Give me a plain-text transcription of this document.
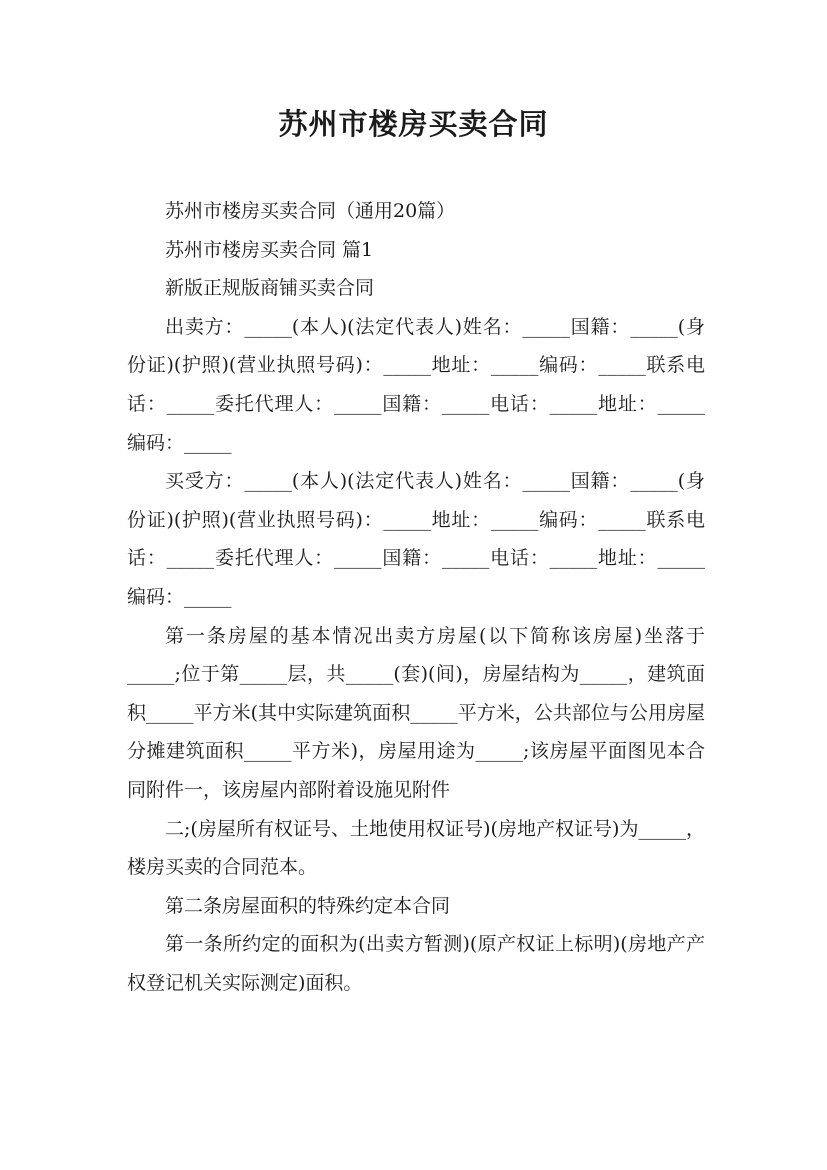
苏州市楼房买卖合同

苏州市楼房买卖合同（通用20篇）

苏州市楼房买卖合同 篇1

新版正规版商铺买卖合同

出卖方：_____(本人)(法定代表人)姓名：_____国籍：_____(身份证)(护照)(营业执照号码)：_____地址：_____编码：_____联系电话：_____委托代理人：_____国籍：_____电话：_____地址：_____编码：_____

买受方：_____(本人)(法定代表人)姓名：_____国籍：_____(身份证)(护照)(营业执照号码)：_____地址：_____编码：_____联系电话：_____委托代理人：_____国籍：_____电话：_____地址：_____编码：_____

第一条房屋的基本情况出卖方房屋(以下简称该房屋)坐落于_____;位于第_____层，共_____(套)(间)，房屋结构为_____，建筑面积_____平方米(其中实际建筑面积_____平方米，公共部位与公用房屋分摊建筑面积_____平方米)，房屋用途为_____;该房屋平面图见本合同附件一，该房屋内部附着设施见附件

二;(房屋所有权证号、土地使用权证号)(房地产权证号)为_____，楼房买卖的合同范本。

第二条房屋面积的特殊约定本合同

第一条所约定的面积为(出卖方暂测)(原产权证上标明)(房地产产权登记机关实际测定)面积。
